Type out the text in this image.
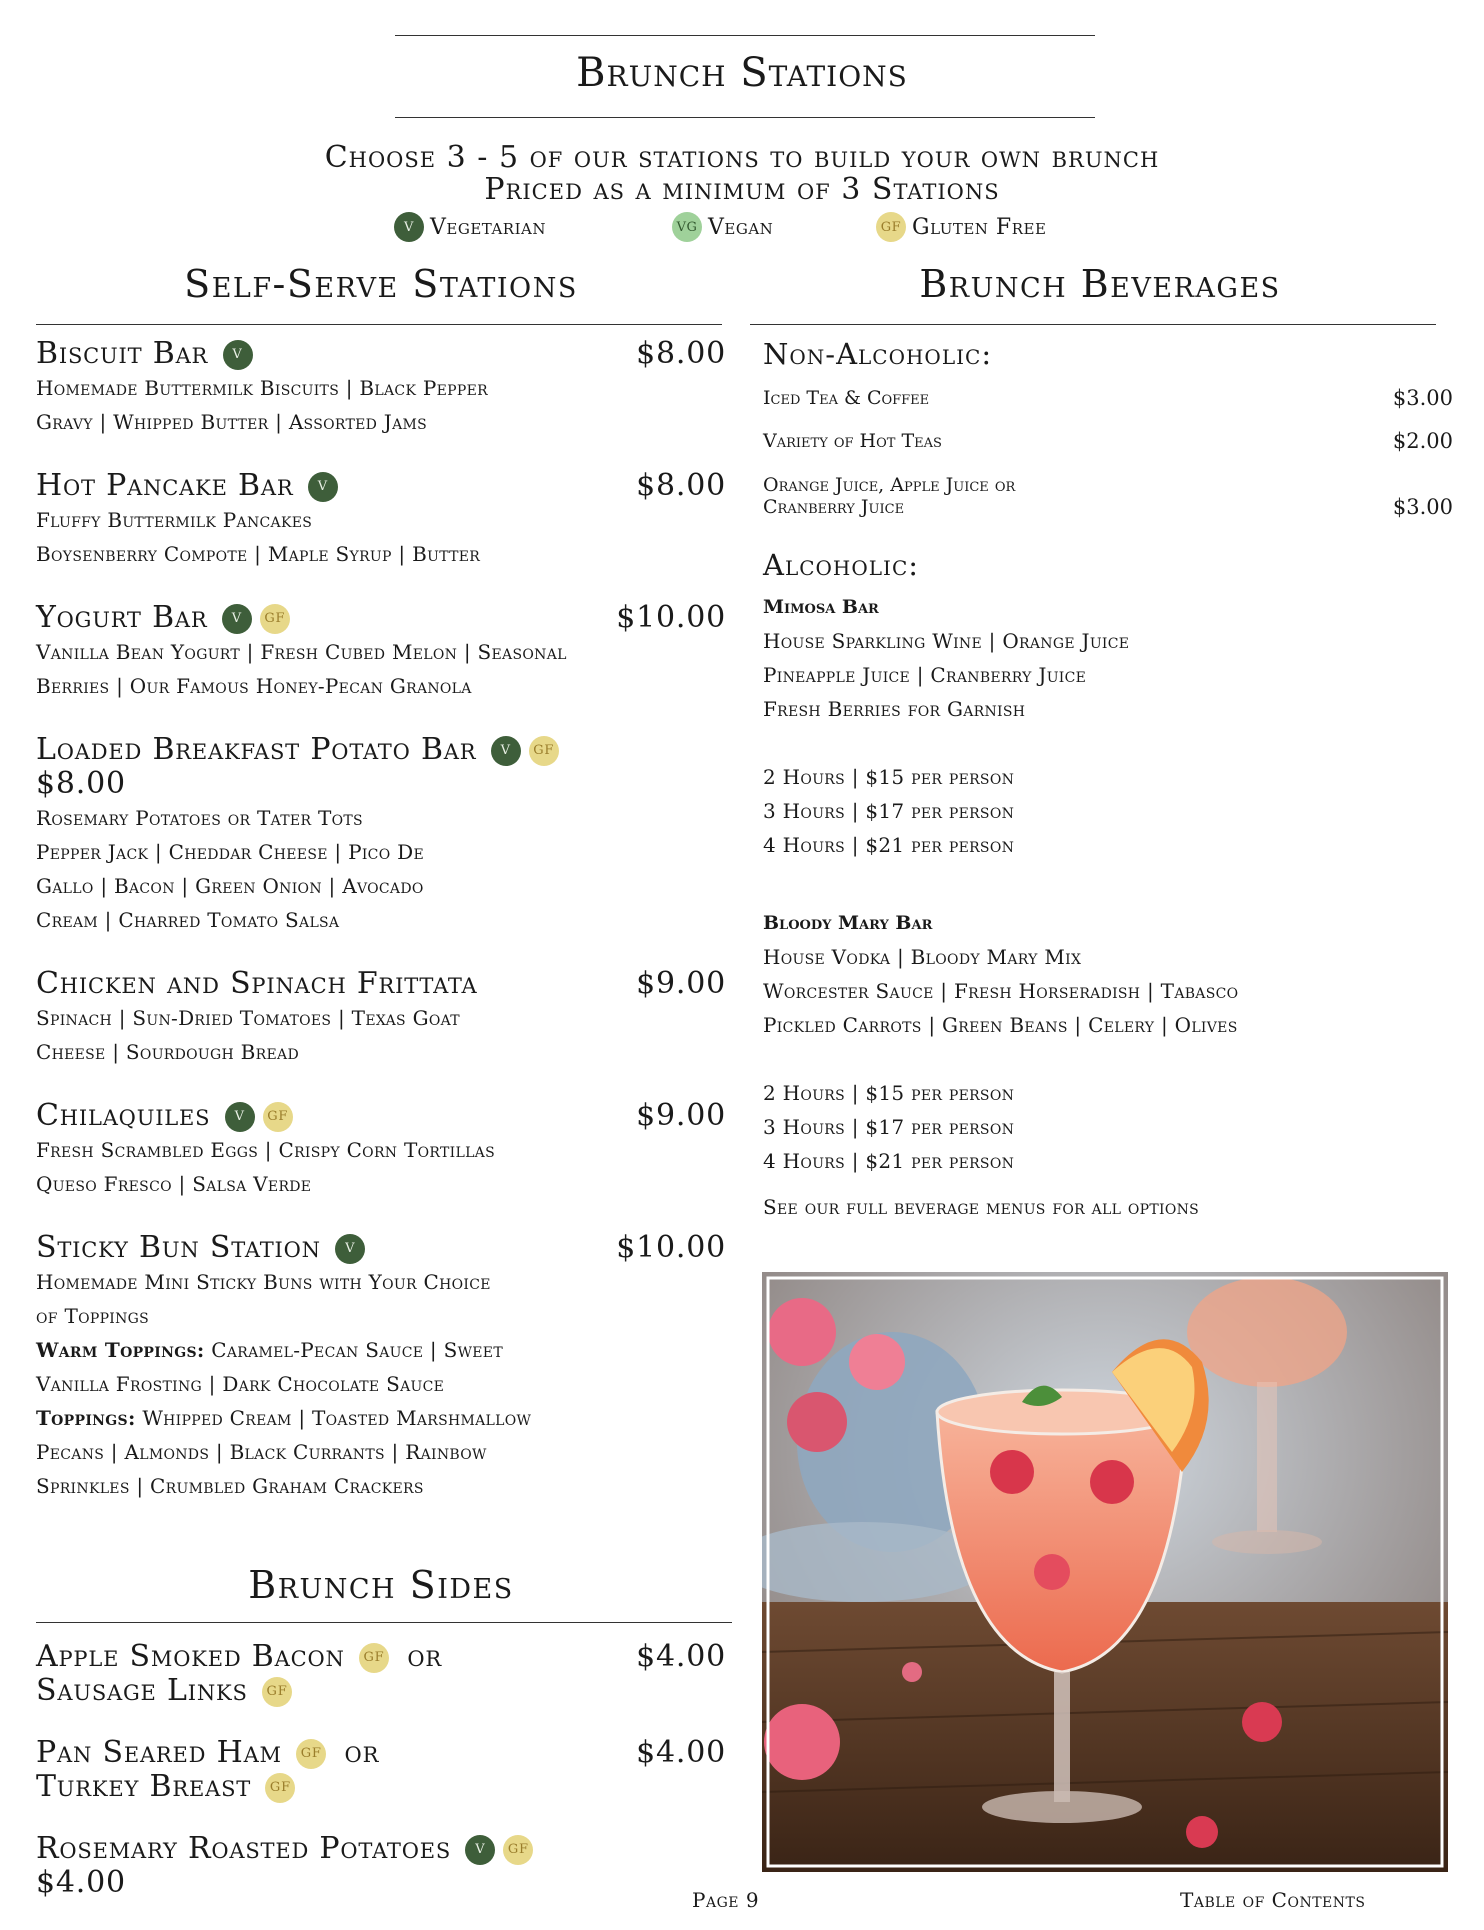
Brunch Stations
Choose 3 - 5 of our stations to build your own brunch
Priced as a minimum of 3 Stations
V Vegetarian	VG Vegan	GF Gluten Free
Self-Serve Stations	Brunch Beverages
Biscuit Bar	V	$8.00
Homemade Buttermilk Biscuits | Black Pepper
Gravy | Whipped Butter | Assorted Jams
Hot Pancake Bar	V	$8.00
Fluffy Buttermilk Pancakes
Boysenberry Compote | Maple Syrup | Butter
Yogurt Bar	V	GF	$10.00
Vanilla Bean Yogurt | Fresh Cubed Melon | Seasonal
Berries | Our Famous Honey-Pecan Granola
Loaded Breakfast Potato Bar	V	GF
$8.00
Rosemary Potatoes or Tater Tots
Pepper Jack | Cheddar Cheese | Pico De
Gallo | Bacon | Green Onion | Avocado
Cream | Charred Tomato Salsa
Chicken and Spinach Frittata	$9.00
Spinach | Sun-Dried Tomatoes | Texas Goat
Cheese | Sourdough Bread
Chilaquiles	V	GF	$9.00
Fresh Scrambled Eggs | Crispy Corn Tortillas
Queso Fresco | Salsa Verde
Sticky Bun Station	V	$10.00
Homemade Mini Sticky Buns with Your Choice
of Toppings
Warm Toppings: Caramel-Pecan Sauce | Sweet
Vanilla Frosting | Dark Chocolate Sauce
Toppings: Whipped Cream | Toasted Marshmallow
Pecans | Almonds | Black Currants | Rainbow
Sprinkles | Crumbled Graham Crackers
Brunch Sides
Apple Smoked Bacon	GF or	$4.00
Sausage Links	GF
Pan Seared Ham	GF or	$4.00
Turkey Breast	GF
Rosemary Roasted Potatoes	V	GF
$4.00
Non-Alcoholic:
Iced Tea & Coffee	$3.00
Variety of Hot Teas	$2.00
Orange Juice, Apple Juice or
Cranberry Juice	$3.00
Alcoholic:
Mimosa Bar
House Sparkling Wine | Orange Juice
Pineapple Juice | Cranberry Juice
Fresh Berries for Garnish
2 Hours | $15 per person
3 Hours | $17 per person
4 Hours | $21 per person
Bloody Mary Bar
House Vodka | Bloody Mary Mix
Worcester Sauce | Fresh Horseradish | Tabasco
Pickled Carrots | Green Beans | Celery | Olives
2 Hours | $15 per person
3 Hours | $17 per person
4 Hours | $21 per person
See our full beverage menus for all options
Page 9	Table of Contents
